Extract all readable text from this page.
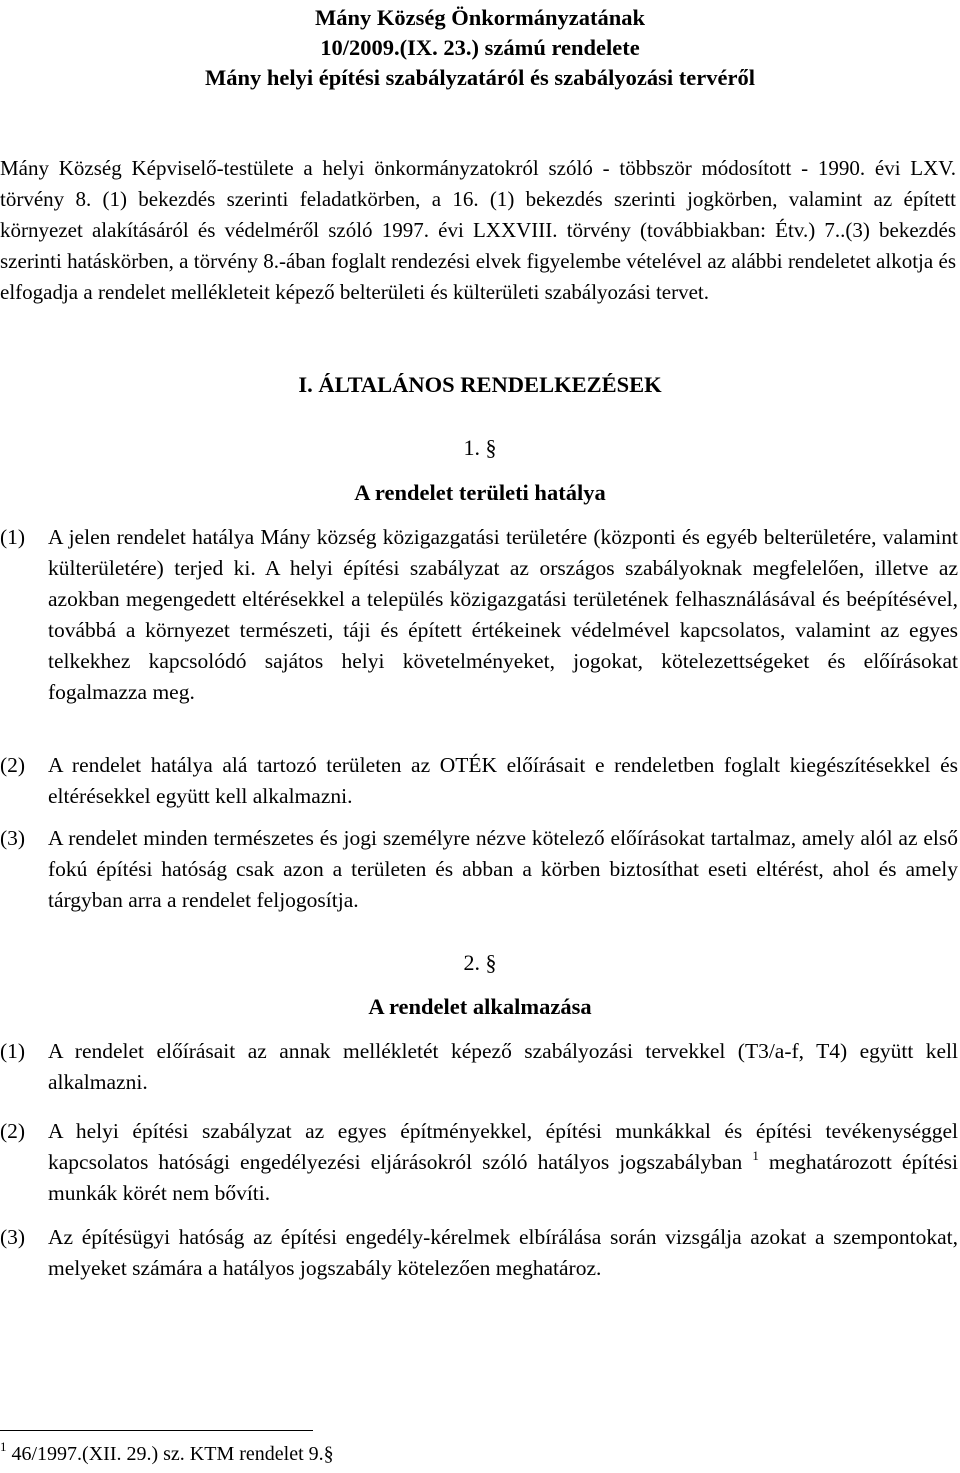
Mány Község Önkormányzatának
10/2009.(IX. 23.) számú rendelete
Mány helyi építési szabályzatáról és szabályozási tervéről

Mány Község Képviselő-testülete a helyi önkormányzatokról szóló - többször módosított - 1990. évi LXV. törvény 8. (1) bekezdés szerinti feladatkörben, a 16. (1) bekezdés szerinti jogkörben, valamint az épített környezet alakításáról és védelméről szóló 1997. évi LXXVIII. törvény (továbbiakban: Étv.) 7..(3) bekezdés szerinti hatáskörben, a törvény 8.-ában foglalt rendezési elvek figyelembe vételével az alábbi rendeletet alkotja és elfogadja a rendelet mellékleteit képező belterületi és külterületi szabályozási tervet.

I. ÁLTALÁNOS RENDELKEZÉSEK
1. §
A rendelet területi hatálya
(1)	A jelen rendelet hatálya Mány község közigazgatási területére (központi és egyéb belterületére, valamint külterületére) terjed ki. A helyi építési szabályzat az országos szabályoknak megfelelően, illetve az azokban megengedett eltérésekkel a település közigazgatási területének felhasználásával és beépítésével, továbbá a környezet természeti, táji és épített értékeinek védelmével kapcsolatos, valamint az egyes telkekhez kapcsolódó sajátos helyi követelményeket, jogokat, kötelezettségeket és előírásokat fogalmazza meg.
(2)	A rendelet hatálya alá tartozó területen az OTÉK előírásait e rendeletben foglalt kiegészítésekkel és eltérésekkel együtt kell alkalmazni.
(3)	A rendelet minden természetes és jogi személyre nézve kötelező előírásokat tartalmaz, amely alól az első fokú építési hatóság csak azon a területen és abban a körben biztosíthat eseti eltérést, ahol és amely tárgyban arra a rendelet feljogosítja.
2. §
A rendelet alkalmazása
(1)	A rendelet előírásait az annak mellékletét képező szabályozási tervekkel (T3/a-f, T4) együtt kell alkalmazni.
(2)	A helyi építési szabályzat az egyes építményekkel, építési munkákkal és építési tevékenységgel kapcsolatos hatósági engedélyezési eljárásokról szóló hatályos jogszabályban $^1$ meghatározott építési munkák körét nem bővíti.
(3)	Az építésügyi hatóság az építési engedély-kérelmek elbírálása során vizsgálja azokat a szempontokat, melyeket számára a hatályos jogszabály kötelezően meghatároz.
$^1$ 46/1997.(XII. 29.) sz. KTM rendelet 9.§
